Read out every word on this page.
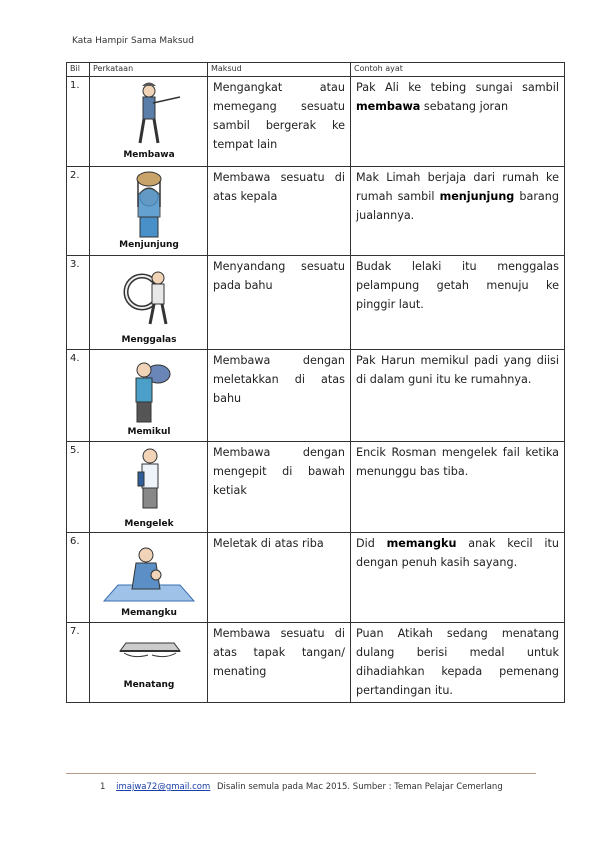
Kata Hampir Sama Maksud
Bil	Perkataan	Maksud	Contoh ayat
1.	Membawa	Mengangkat atau memegang sesuatu sambil bergerak ke tempat lain	Pak Ali ke tebing sungai sambil membawa sebatang joran
2.	Menjunjung	Membawa sesuatu di atas kepala	Mak Limah berjaja dari rumah ke rumah sambil menjunjung barang jualannya.
3.	Menggalas	Menyandang sesuatu pada bahu	Budak lelaki itu menggalas pelampung getah menuju ke pinggir laut.
4.	Memikul	Membawa dengan meletakkan di atas bahu	Pak Harun memikul padi yang diisi di dalam guni itu ke rumahnya.
5.	Mengelek	Membawa dengan mengepit di bawah ketiak	Encik Rosman mengelek fail ketika menunggu bas tiba.
6.	Memangku	Meletak di atas riba	Did memangku anak kecil itu dengan penuh kasih sayang.
7.	Menatang	Membawa sesuatu di atas tapak tangan/ menating	Puan Atikah sedang menatang dulang berisi medal untuk dihadiahkan kepada pemenang pertandingan itu.
1 imajwa72@gmail.com Disalin semula pada Mac 2015. Sumber : Teman Pelajar Cemerlang
